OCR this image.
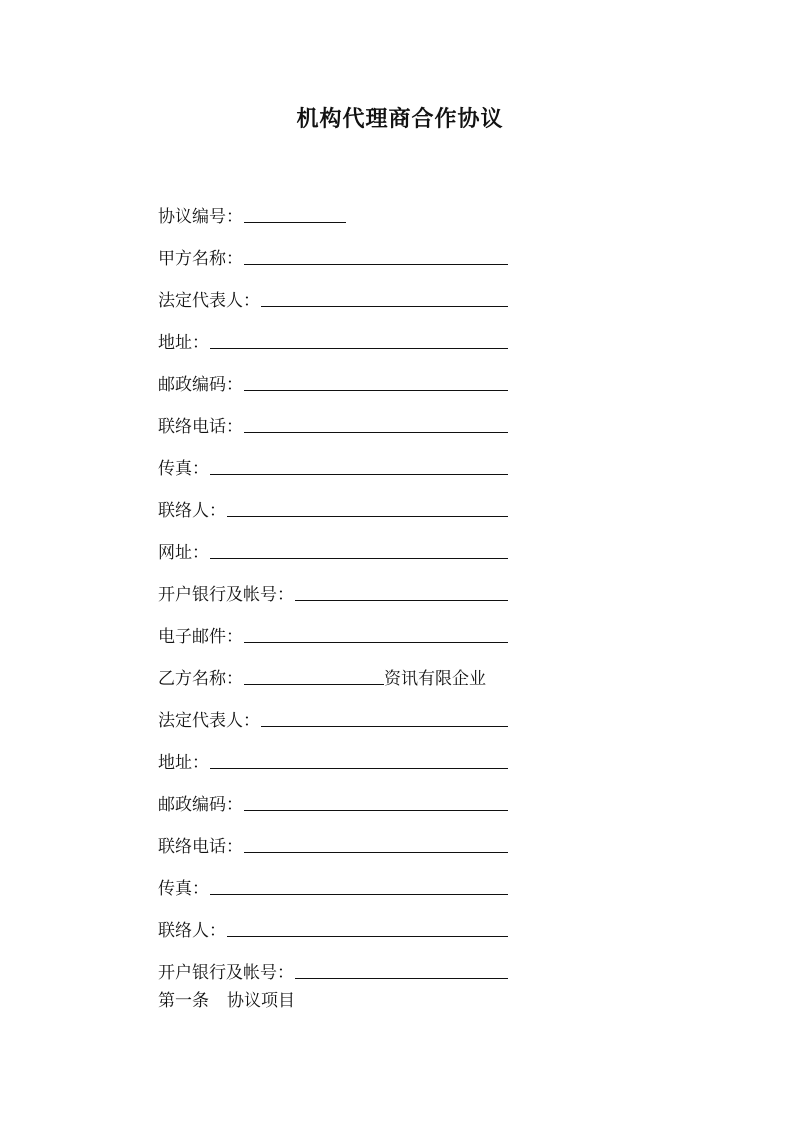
机构代理商合作协议
协议编号：
甲方名称：
法定代表人：
地址：
邮政编码：
联络电话：
传真：
联络人：
网址：
开户银行及帐号：
电子邮件：
乙方名称：	资讯有限企业
法定代表人：
地址：
邮政编码：
联络电话：
传真：
联络人：
开户银行及帐号：
第一条 协议项目
